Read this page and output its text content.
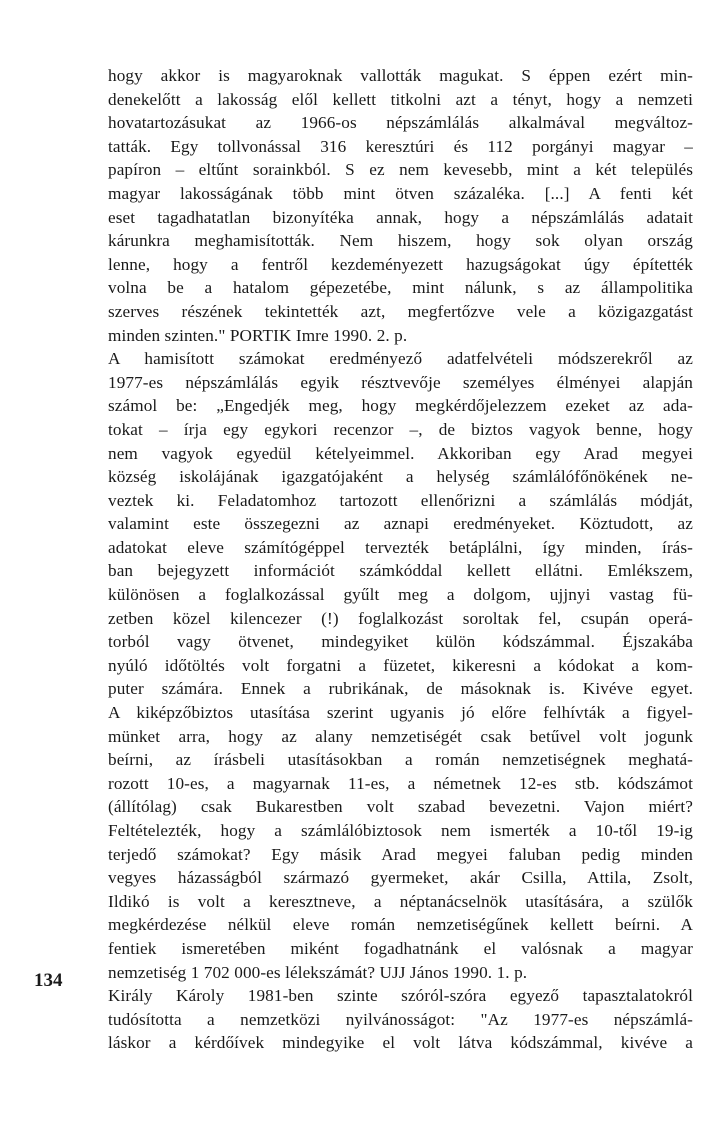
hogy akkor is magyaroknak vallották magukat. S éppen ezért min-
denekelőtt a lakosság elől kellett titkolni azt a tényt, hogy a nemzeti
hovatartozásukat az 1966-os népszámlálás alkalmával megváltoz-
tatták. Egy tollvonással 316 keresztúri és 112 porgányi magyar –
papíron – eltűnt sorainkból. S ez nem kevesebb, mint a két település
magyar lakosságának több mint ötven százaléka. [...] A fenti két
eset tagadhatatlan bizonyítéka annak, hogy a népszámlálás adatait
kárunkra meghamisították. Nem hiszem, hogy sok olyan ország
lenne, hogy a fentről kezdeményezett hazugságokat úgy építették
volna be a hatalom gépezetébe, mint nálunk, s az állampolitika
szerves részének tekintették azt, megfertőzve vele a közigazgatást
minden szinten." PORTIK Imre 1990. 2. p.
A hamisított számokat eredményező adatfelvételi módszerekről az
1977-es népszámlálás egyik résztvevője személyes élményei alapján
számol be: „Engedjék meg, hogy megkérdőjelezzem ezeket az ada-
tokat – írja egy egykori recenzor –, de biztos vagyok benne, hogy
nem vagyok egyedül kételyeimmel. Akkoriban egy Arad megyei
község iskolájának igazgatójaként a helység számlálófőnökének ne-
veztek ki. Feladatomhoz tartozott ellenőrizni a számlálás módját,
valamint este összegezni az aznapi eredményeket. Köztudott, az
adatokat eleve számítógéppel tervezték betáplálni, így minden, írás-
ban bejegyzett információt számkóddal kellett ellátni. Emlékszem,
különösen a foglalkozással gyűlt meg a dolgom, ujjnyi vastag fü-
zetben közel kilencezer (!) foglalkozást soroltak fel, csupán operá-
torból vagy ötvenet, mindegyiket külön kódszámmal. Éjszakába
nyúló időtöltés volt forgatni a füzetet, kikeresni a kódokat a kom-
puter számára. Ennek a rubrikának, de másoknak is. Kivéve egyet.
A kiképzőbiztos utasítása szerint ugyanis jó előre felhívták a figyel-
münket arra, hogy az alany nemzetiségét csak betűvel volt jogunk
beírni, az írásbeli utasításokban a román nemzetiségnek meghatá-
rozott 10-es, a magyarnak 11-es, a németnek 12-es stb. kódszámot
(állítólag) csak Bukarestben volt szabad bevezetni. Vajon miért?
Feltételezték, hogy a számlálóbiztosok nem ismerték a 10-től 19-ig
terjedő számokat? Egy másik Arad megyei faluban pedig minden
vegyes házasságból származó gyermeket, akár Csilla, Attila, Zsolt,
Ildikó is volt a keresztneve, a néptanácselnök utasítására, a szülők
megkérdezése nélkül eleve román nemzetiségűnek kellett beírni. A
fentiek ismeretében miként fogadhatnánk el valósnak a magyar
nemzetiség 1 702 000-es lélekszámát? UJJ János 1990. 1. p.
Király Károly 1981-ben szinte szóról-szóra egyező tapasztalatokról
tudósította a nemzetközi nyilvánosságot: "Az 1977-es népszámlá-
láskor a kérdőívek mindegyike el volt látva kódszámmal, kivéve a
134
